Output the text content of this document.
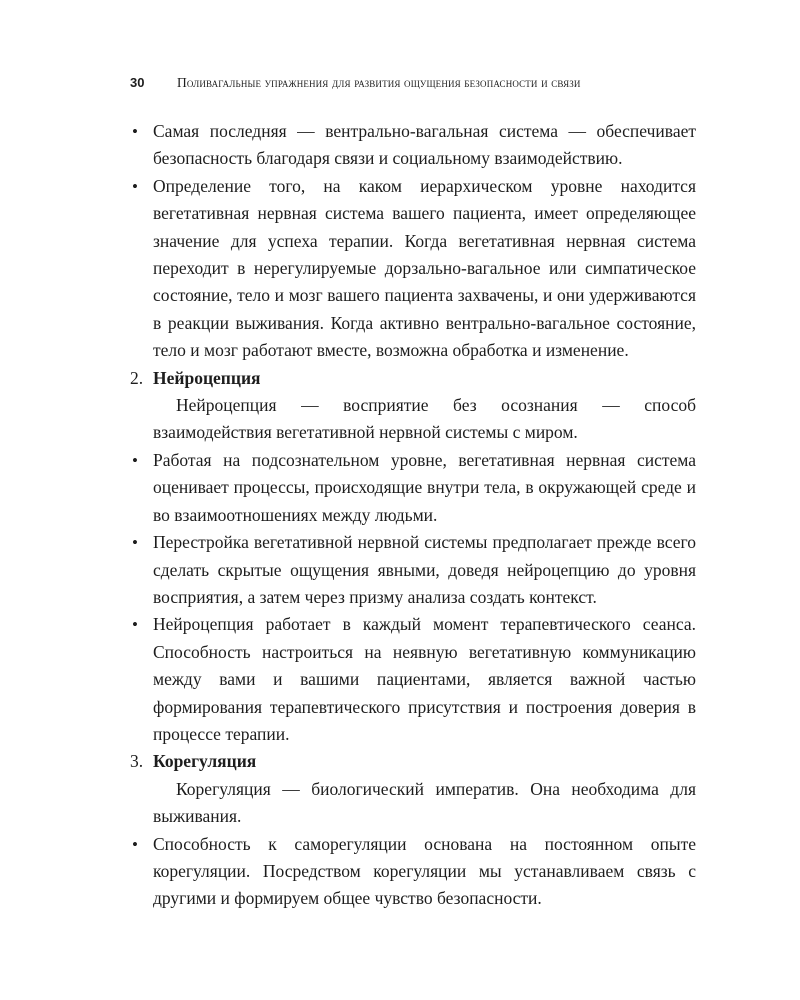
30 Поливагальные упражнения для развития ощущения безопасности и связи
• Самая последняя — вентрально-вагальная система — обеспечивает безопасность благодаря связи и социальному взаимодействию.
• Определение того, на каком иерархическом уровне находится вегетативная нервная система вашего пациента, имеет определяющее значение для успеха терапии. Когда вегетативная нервная система переходит в нерегулируемые дорзально-вагальное или симпатическое состояние, тело и мозг вашего пациента захвачены, и они удерживаются в реакции выживания. Когда активно вентрально-вагальное состояние, тело и мозг работают вместе, возможна обработка и изменение.
2. Нейроцепция
Нейроцепция — восприятие без осознания — способ взаимодействия вегетативной нервной системы с миром.
• Работая на подсознательном уровне, вегетативная нервная система оценивает процессы, происходящие внутри тела, в окружающей среде и во взаимоотношениях между людьми.
• Перестройка вегетативной нервной системы предполагает прежде всего сделать скрытые ощущения явными, доведя нейроцепцию до уровня восприятия, а затем через призму анализа создать контекст.
• Нейроцепция работает в каждый момент терапевтического сеанса. Способность настроиться на неявную вегетативную коммуникацию между вами и вашими пациентами, является важной частью формирования терапевтического присутствия и построения доверия в процессе терапии.
3. Корегуляция
Корегуляция — биологический императив. Она необходима для выживания.
• Способность к саморегуляции основана на постоянном опыте корегуляции. Посредством корегуляции мы устанавливаем связь с другими и формируем общее чувство безопасности.
